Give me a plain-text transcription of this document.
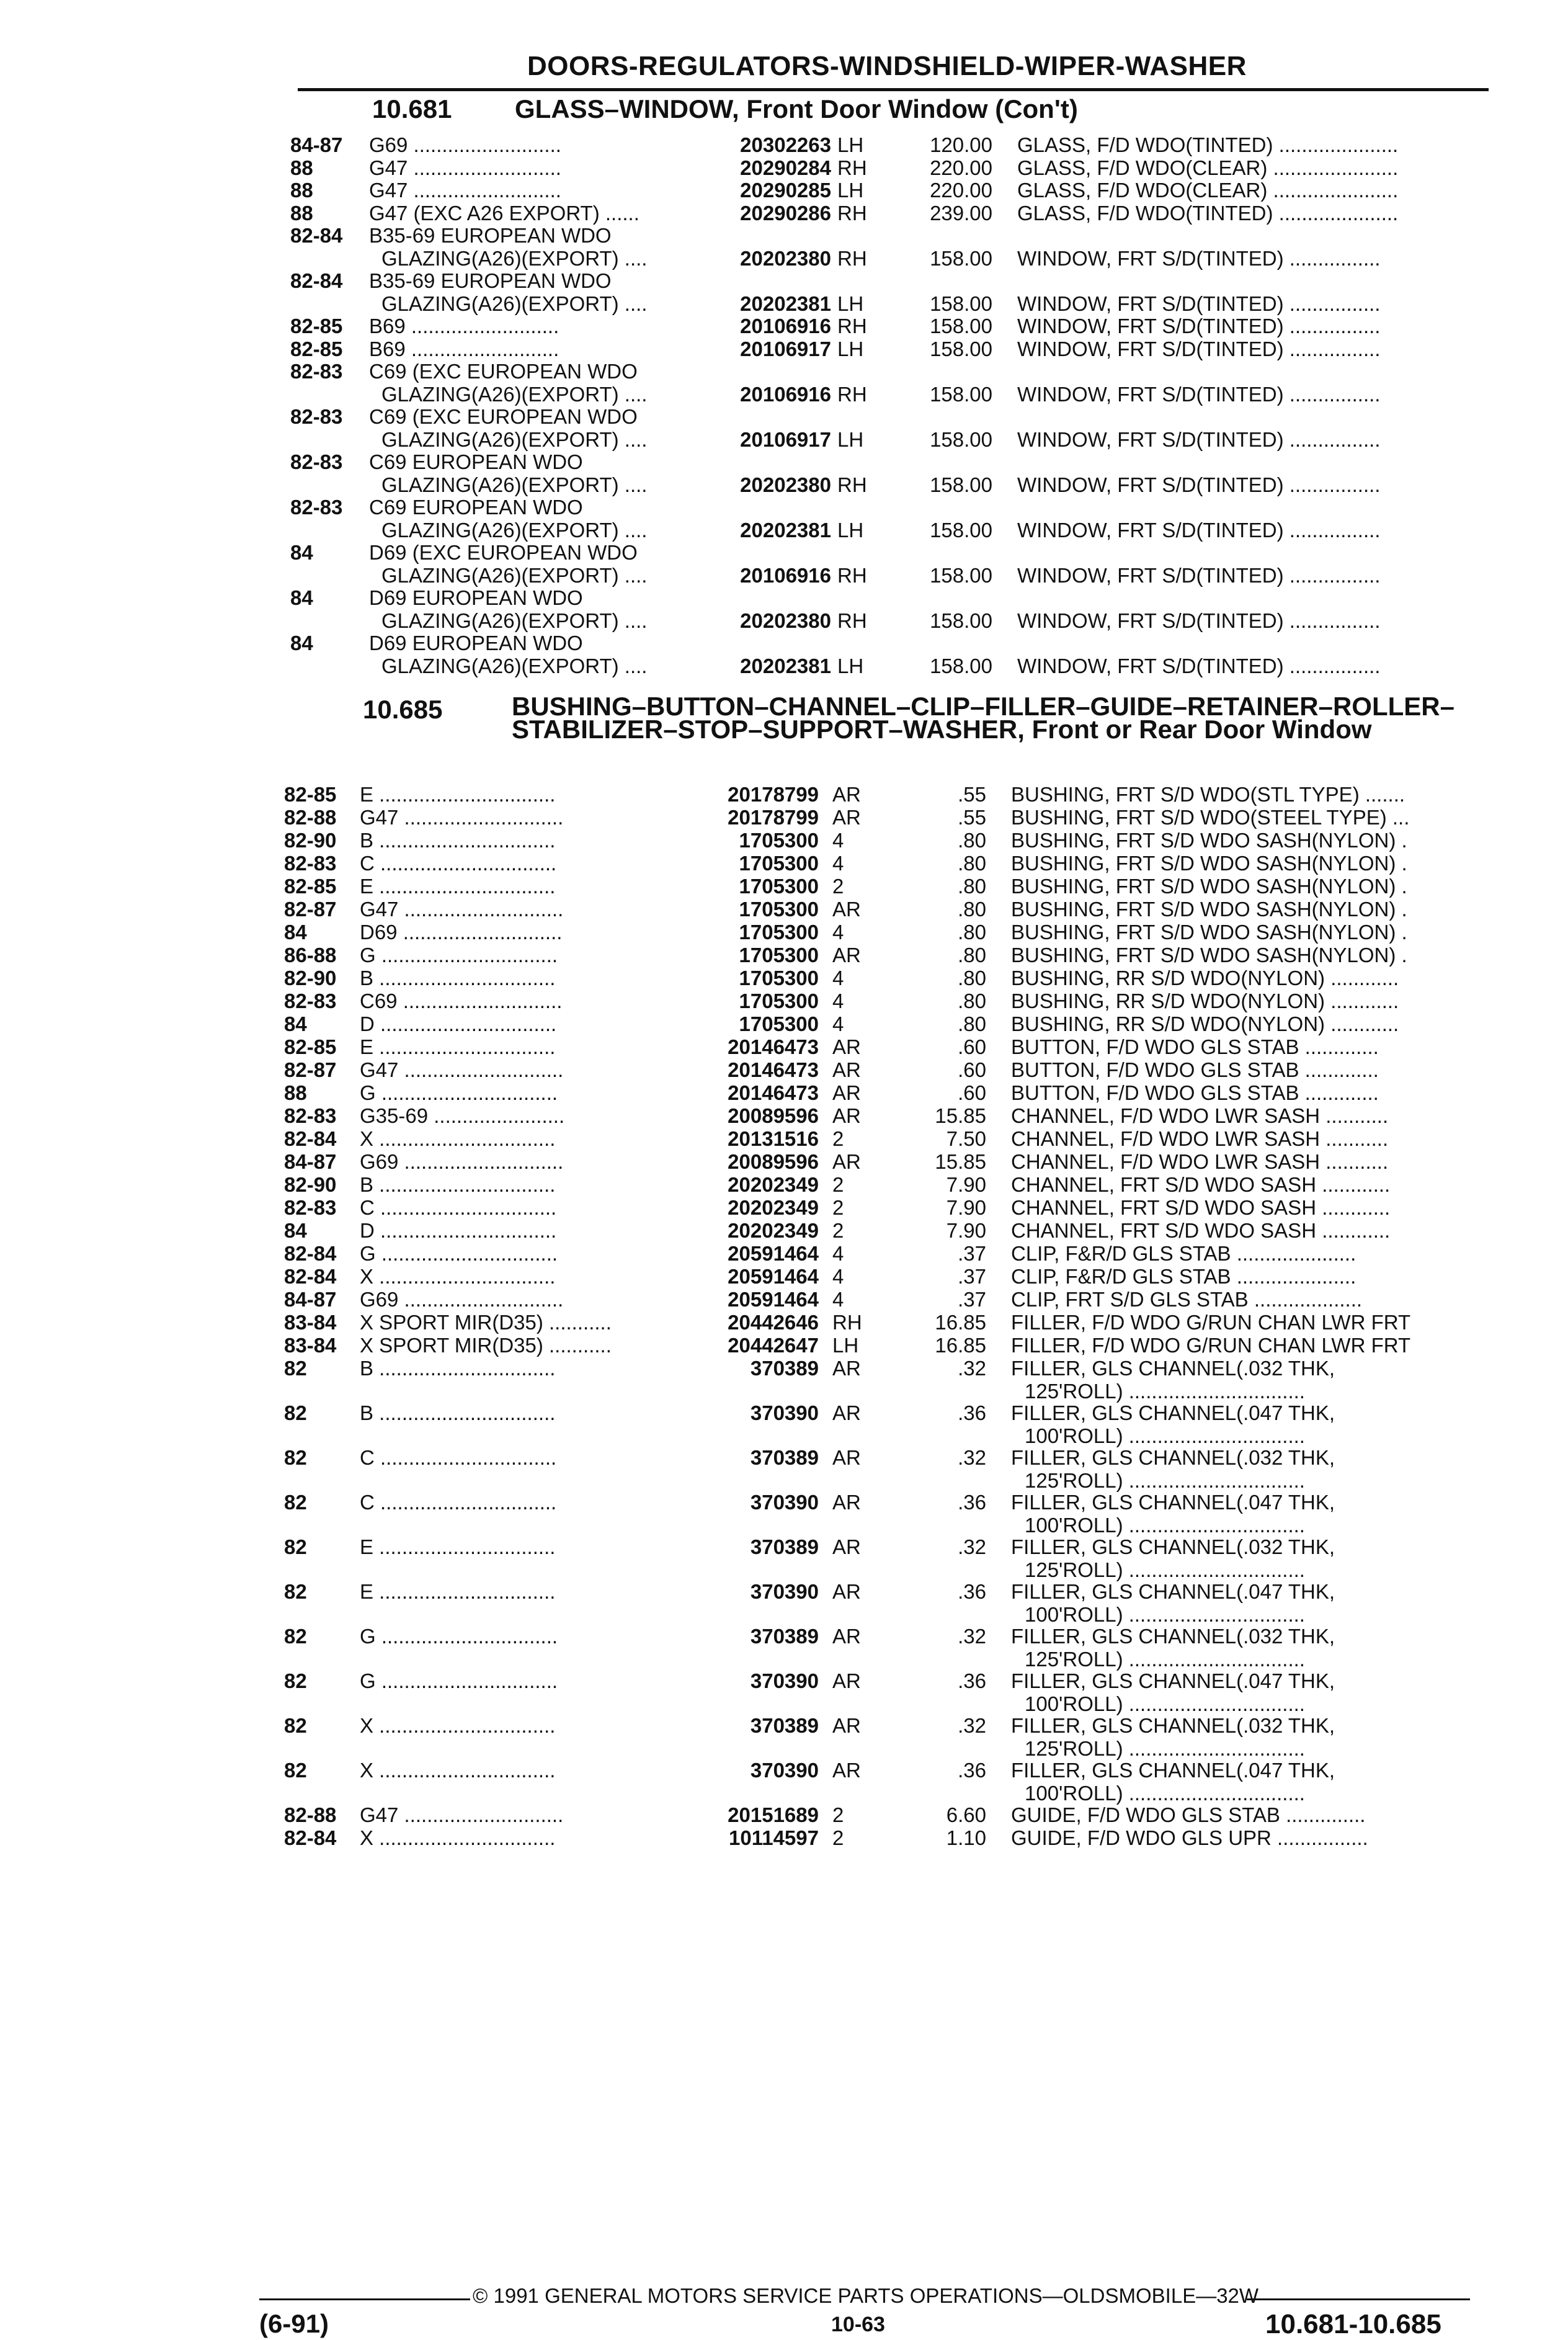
DOORS-REGULATORS-WINDSHIELD-WIPER-WASHER
10.681 GLASS–WINDOW, Front Door Window (Con't)
84-87	G69 ..........................	20302263 LH	120.00 GLASS, F/D WDO(TINTED) .....................
88	G47 ..........................	20290284 RH	220.00 GLASS, F/D WDO(CLEAR) ......................
88	G47 ..........................	20290285 LH	220.00 GLASS, F/D WDO(CLEAR) ......................
88	G47 (EXC A26 EXPORT) ......	20290286 RH	239.00 GLASS, F/D WDO(TINTED) .....................
82-84	B35-69 EUROPEAN WDO
GLAZING(A26)(EXPORT) ....	20202380 RH	158.00 WINDOW, FRT S/D(TINTED) ................
82-84	B35-69 EUROPEAN WDO
GLAZING(A26)(EXPORT) ....	20202381 LH	158.00 WINDOW, FRT S/D(TINTED) ................
82-85	B69 ..........................	20106916 RH	158.00 WINDOW, FRT S/D(TINTED) ................
82-85	B69 ..........................	20106917 LH	158.00 WINDOW, FRT S/D(TINTED) ................
82-83	C69 (EXC EUROPEAN WDO
GLAZING(A26)(EXPORT) ....	20106916 RH	158.00 WINDOW, FRT S/D(TINTED) ................
82-83	C69 (EXC EUROPEAN WDO
GLAZING(A26)(EXPORT) ....	20106917 LH	158.00 WINDOW, FRT S/D(TINTED) ................
82-83	C69 EUROPEAN WDO
GLAZING(A26)(EXPORT) ....	20202380 RH	158.00 WINDOW, FRT S/D(TINTED) ................
82-83	C69 EUROPEAN WDO
GLAZING(A26)(EXPORT) ....	20202381 LH	158.00 WINDOW, FRT S/D(TINTED) ................
84	D69 (EXC EUROPEAN WDO
GLAZING(A26)(EXPORT) ....	20106916 RH	158.00 WINDOW, FRT S/D(TINTED) ................
84	D69 EUROPEAN WDO
GLAZING(A26)(EXPORT) ....	20202380 RH	158.00 WINDOW, FRT S/D(TINTED) ................
84	D69 EUROPEAN WDO
GLAZING(A26)(EXPORT) ....	20202381 LH	158.00 WINDOW, FRT S/D(TINTED) ................
10.685	BUSHING–BUTTON–CHANNEL–CLIP–FILLER–GUIDE–RETAINER–ROLLER–STABILIZER–STOP–SUPPORT–WASHER, Front or Rear Door Window
82-85	E ...............................	20178799 AR	.55 BUSHING, FRT S/D WDO(STL TYPE) .......
82-88	G47 ............................	20178799 AR	.55 BUSHING, FRT S/D WDO(STEEL TYPE) ...
82-90	B ...............................	1705300 4	.80 BUSHING, FRT S/D WDO SASH(NYLON) .
82-83	C ...............................	1705300 4	.80 BUSHING, FRT S/D WDO SASH(NYLON) .
82-85	E ...............................	1705300 2	.80 BUSHING, FRT S/D WDO SASH(NYLON) .
82-87	G47 ............................	1705300 AR	.80 BUSHING, FRT S/D WDO SASH(NYLON) .
84	D69 ............................	1705300 4	.80 BUSHING, FRT S/D WDO SASH(NYLON) .
86-88	G ...............................	1705300 AR	.80 BUSHING, FRT S/D WDO SASH(NYLON) .
82-90	B ...............................	1705300 4	.80 BUSHING, RR S/D WDO(NYLON) ............
82-83	C69 ............................	1705300 4	.80 BUSHING, RR S/D WDO(NYLON) ............
84	D ...............................	1705300 4	.80 BUSHING, RR S/D WDO(NYLON) ............
82-85	E ...............................	20146473 AR	.60 BUTTON, F/D WDO GLS STAB .............
82-87	G47 ............................	20146473 AR	.60 BUTTON, F/D WDO GLS STAB .............
88	G ...............................	20146473 AR	.60 BUTTON, F/D WDO GLS STAB .............
82-83	G35-69 .......................	20089596 AR	15.85 CHANNEL, F/D WDO LWR SASH ...........
82-84	X ...............................	20131516 2	7.50 CHANNEL, F/D WDO LWR SASH ...........
84-87	G69 ............................	20089596 AR	15.85 CHANNEL, F/D WDO LWR SASH ...........
82-90	B ...............................	20202349 2	7.90 CHANNEL, FRT S/D WDO SASH ............
82-83	C ...............................	20202349 2	7.90 CHANNEL, FRT S/D WDO SASH ............
84	D ...............................	20202349 2	7.90 CHANNEL, FRT S/D WDO SASH ............
82-84	G ...............................	20591464 4	.37 CLIP, F&R/D GLS STAB .....................
82-84	X ...............................	20591464 4	.37 CLIP, F&R/D GLS STAB .....................
84-87	G69 ............................	20591464 4	.37 CLIP, FRT S/D GLS STAB ...................
83-84	X SPORT MIR(D35) ...........	20442646 RH	16.85 FILLER, F/D WDO G/RUN CHAN LWR FRT
83-84	X SPORT MIR(D35) ...........	20442647 LH	16.85 FILLER, F/D WDO G/RUN CHAN LWR FRT
82	B ...............................	370389 AR	.32 FILLER, GLS CHANNEL(.032 THK,
125'ROLL) ...............................
82	B ...............................	370390 AR	.36 FILLER, GLS CHANNEL(.047 THK,
100'ROLL) ...............................
82	C ...............................	370389 AR	.32 FILLER, GLS CHANNEL(.032 THK,
125'ROLL) ...............................
82	C ...............................	370390 AR	.36 FILLER, GLS CHANNEL(.047 THK,
100'ROLL) ...............................
82	E ...............................	370389 AR	.32 FILLER, GLS CHANNEL(.032 THK,
125'ROLL) ...............................
82	E ...............................	370390 AR	.36 FILLER, GLS CHANNEL(.047 THK,
100'ROLL) ...............................
82	G ...............................	370389 AR	.32 FILLER, GLS CHANNEL(.032 THK,
125'ROLL) ...............................
82	G ...............................	370390 AR	.36 FILLER, GLS CHANNEL(.047 THK,
100'ROLL) ...............................
82	X ...............................	370389 AR	.32 FILLER, GLS CHANNEL(.032 THK,
125'ROLL) ...............................
82	X ...............................	370390 AR	.36 FILLER, GLS CHANNEL(.047 THK,
100'ROLL) ...............................
82-88	G47 ............................	20151689 2	6.60 GUIDE, F/D WDO GLS STAB ..............
82-84	X ...............................	10114597 2	1.10 GUIDE, F/D WDO GLS UPR ................
© 1991 GENERAL MOTORS SERVICE PARTS OPERATIONS—OLDSMOBILE—32W
(6-91)	10-63	10.681-10.685
